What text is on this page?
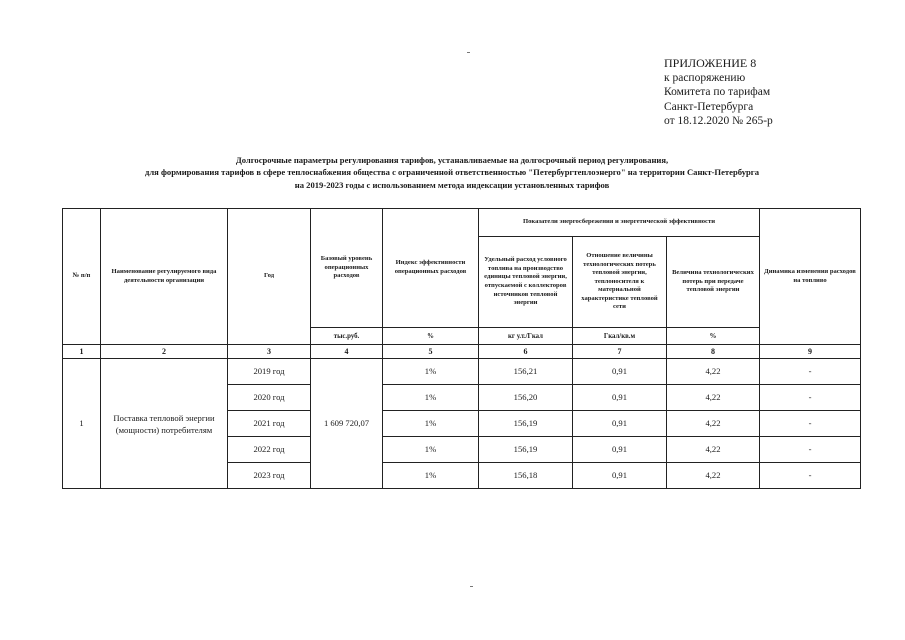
ПРИЛОЖЕНИЕ 8
к распоряжению
Комитета по тарифам
Санкт-Петербурга
от 18.12.2020 № 265-р
Долгосрочные параметры регулирования тарифов, устанавливаемые на долгосрочный период регулирования,
для формирования тарифов в сфере теплоснабжения общества с ограниченной ответственностью "Петербургтеплоэнерго" на территории Санкт-Петербурга
на 2019-2023 годы с использованием метода индексации установленных тарифов
№ п/п	Наименование регулируемого вида деятельности организации	Год	Базовый уровень операционных расходов	Индекс эффективности операционных расходов	Показатели энергосбережения и энергетической эффективности			Динамика изменения расходов на топливо
					Удельный расход условного топлива на производство единицы тепловой энергии, отпускаемой с коллекторов источников тепловой энергии	Отношение величины технологических потерь тепловой энергии, теплоносителя к материальной характеристике тепловой сети	Величина технологических потерь при передаче тепловой энергии	
			тыс.руб.	%	кг у.т./Гкал	Гкал/кв.м	%	
1	2	3	4	5	6	7	8	9
1	Поставка тепловой энергии (мощности) потребителям	2019 год	1 609 720,07	1%	156,21	0,91	4,22	-
		2020 год		1%	156,20	0,91	4,22	-
		2021 год		1%	156,19	0,91	4,22	-
		2022 год		1%	156,19	0,91	4,22	-
		2023 год		1%	156,18	0,91	4,22	-
